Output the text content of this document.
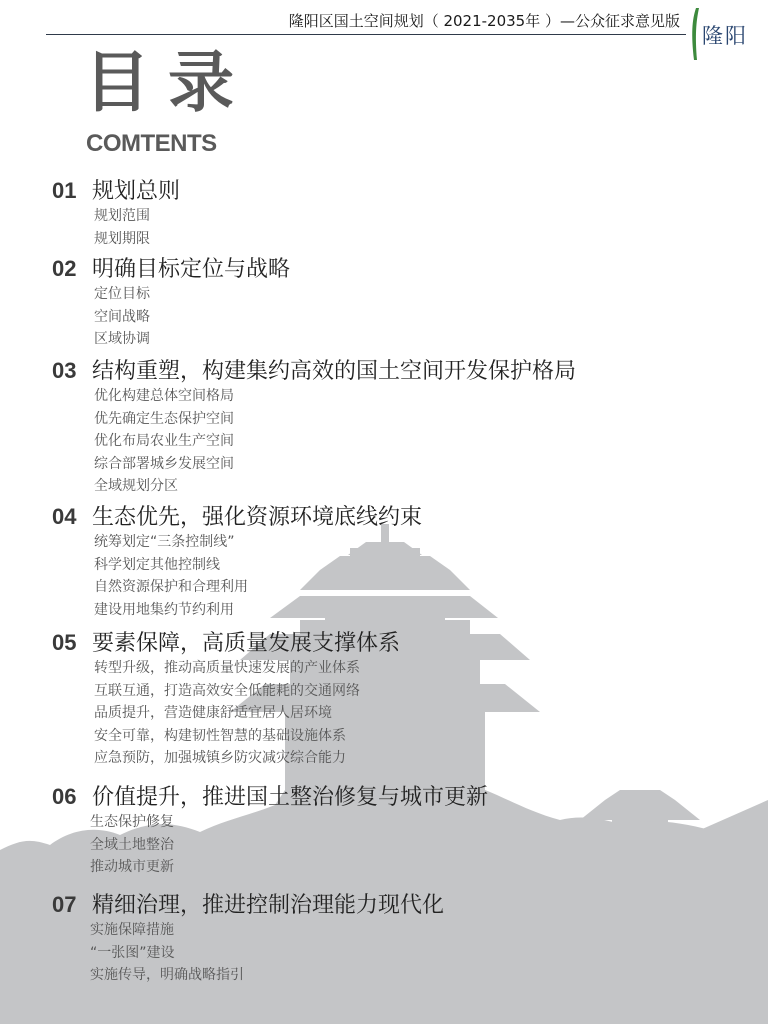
隆阳区国土空间规划（ 2021-2035年 ）—公众征求意见版
隆阳
目录
COMTENTS
01 规划总则
规划范围
规划期限
02 明确目标定位与战略
定位目标
空间战略
区域协调
03 结构重塑，构建集约高效的国土空间开发保护格局
优化构建总体空间格局
优先确定生态保护空间
优化布局农业生产空间
综合部署城乡发展空间
全域规划分区
04 生态优先，强化资源环境底线约束
统筹划定“三条控制线”
科学划定其他控制线
自然资源保护和合理利用
建设用地集约节约利用
05 要素保障，高质量发展支撑体系
转型升级，推动高质量快速发展的产业体系
互联互通，打造高效安全低能耗的交通网络
品质提升，营造健康舒适宜居人居环境
安全可靠，构建韧性智慧的基础设施体系
应急预防，加强城镇乡防灾减灾综合能力
06 价值提升，推进国土整治修复与城市更新
生态保护修复
全域土地整治
推动城市更新
07 精细治理，推进控制治理能力现代化
实施保障措施
“一张图”建设
实施传导，明确战略指引
